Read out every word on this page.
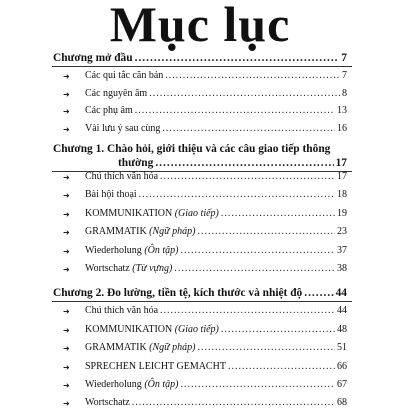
Mục lục
Chương mở đầu .....	7
➜ Các qui tắc căn bản .....	7
➜ Các nguyên âm .....	8
➜ Các phụ âm .....	13
➜ Vài lưu ý sau cùng .....	16
Chương 1. Chào hỏi, giới thiệu và các câu giao tiếp thông
thường .....	17
➜ Chú thích văn hóa .....	17
➜ Bài hội thoại .....	18
➜ KOMMUNIKATION (Giao tiếp) .....	19
➜ GRAMMATIK (Ngữ pháp) .....	23
➜ Wiederholung (Ôn tập) .....	37
➜ Wortschatz (Từ vựng) .....	38
Chương 2. Đo lường, tiền tệ, kích thước và nhiệt độ .....	44
➜ Chú thích văn hóa .....	44
➜ KOMMUNIKATION (Giao tiếp) .....	48
➜ GRAMMATIK (Ngữ pháp) .....	51
➜ SPRECHEN LEICHT GEMACHT .....	66
➜ Wiederholung (Ôn tập) .....	67
➜ Wortschatz .....	68
